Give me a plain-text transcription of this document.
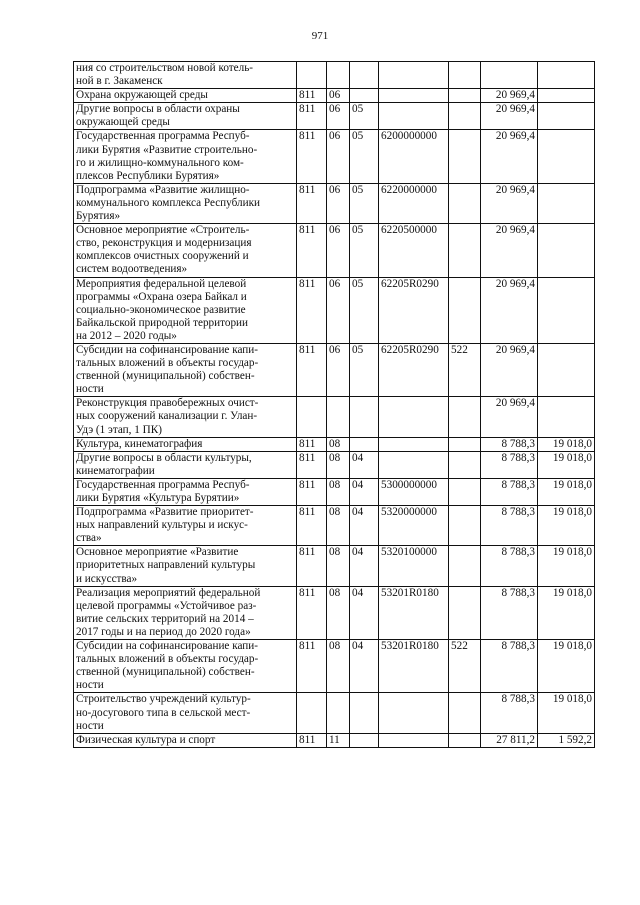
971
ния со строительством новой котель-
ной в г. Закаменск							

Охрана окружающей среды	811	06				20 969,4	

Другие вопросы в области охраны
окружающей среды	811	06	05			20 969,4	

Государственная программа Респуб-
лики Бурятия «Развитие строительно-
го и жилищно-коммунального ком-
плексов Республики Бурятия»	811	06	05	6200000000		20 969,4	

Подпрограмма «Развитие жилищно-
коммунального комплекса Республики
Бурятия»	811	06	05	6220000000		20 969,4	

Основное мероприятие «Строитель-
ство, реконструкция и модернизация
комплексов очистных сооружений и
систем водоотведения»	811	06	05	6220500000		20 969,4	

Мероприятия федеральной целевой
программы «Охрана озера Байкал и
социально-экономическое развитие
Байкальской природной территории
на 2012 – 2020 годы»	811	06	05	62205R0290		20 969,4	

Субсидии на софинансирование капи-
тальных вложений в объекты государ-
ственной (муниципальной) собствен-
ности	811	06	05	62205R0290	522	20 969,4	

Реконструкция правобережных очист-
ных сооружений канализации г. Улан-
Удэ (1 этап, 1 ПК)						20 969,4	

Культура, кинематография	811	08				8 788,3	19 018,0

Другие вопросы в области культуры,
кинематографии	811	08	04			8 788,3	19 018,0

Государственная программа Респуб-
лики Бурятия «Культура Бурятии»	811	08	04	5300000000		8 788,3	19 018,0

Подпрограмма «Развитие приоритет-
ных направлений культуры и искус-
ства»	811	08	04	5320000000		8 788,3	19 018,0

Основное мероприятие «Развитие
приоритетных направлений культуры
и искусства»	811	08	04	5320100000		8 788,3	19 018,0

Реализация мероприятий федеральной
целевой программы «Устойчивое раз-
витие сельских территорий на 2014 –
2017 годы и на период до 2020 года»	811	08	04	53201R0180		8 788,3	19 018,0

Субсидии на софинансирование капи-
тальных вложений в объекты государ-
ственной (муниципальной) собствен-
ности	811	08	04	53201R0180	522	8 788,3	19 018,0

Строительство учреждений культур-
но-досугового типа в сельской мест-
ности						8 788,3	19 018,0

Физическая культура и спорт	811	11				27 811,2	1 592,2
